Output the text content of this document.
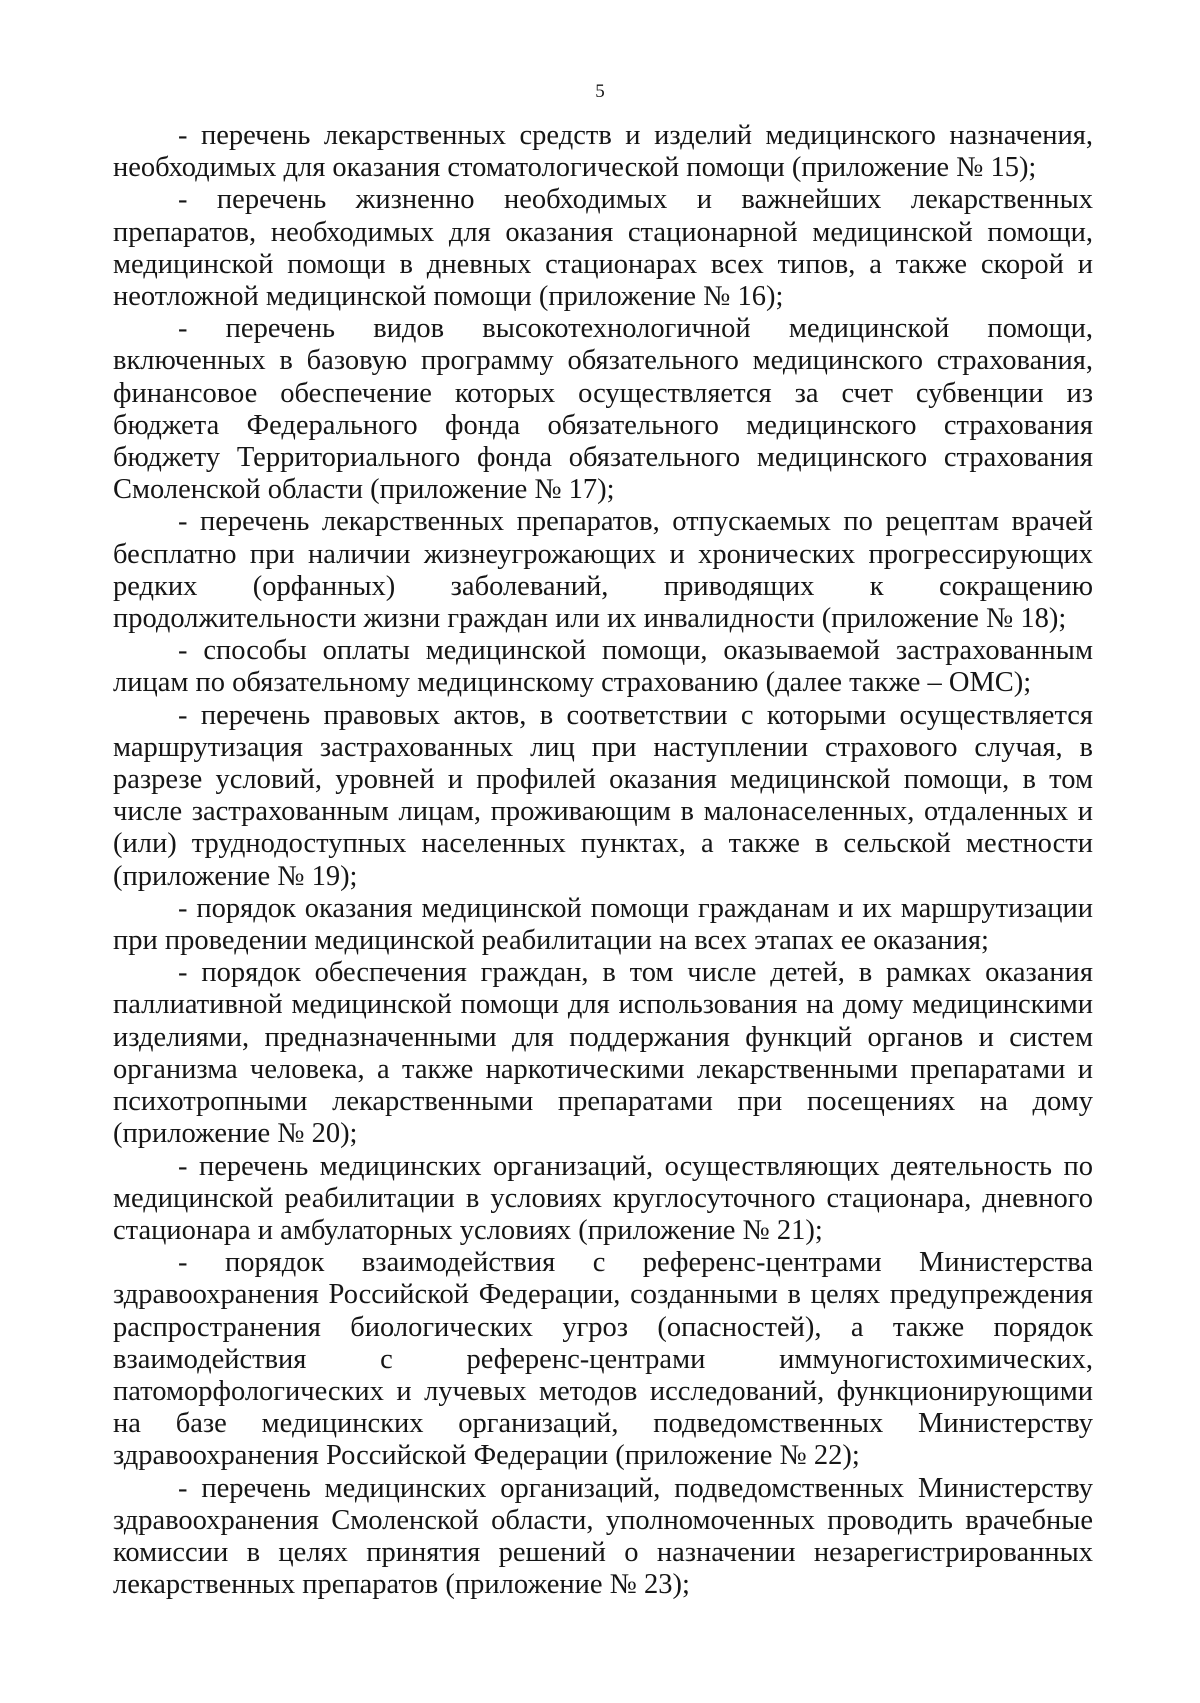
5

- перечень лекарственных средств и изделий медицинского назначения, необходимых для оказания стоматологической помощи (приложение № 15);

- перечень жизненно необходимых и важнейших лекарственных препаратов, необходимых для оказания стационарной медицинской помощи, медицинской помощи в дневных стационарах всех типов, а также скорой и неотложной медицинской помощи (приложение № 16);

- перечень видов высокотехнологичной медицинской помощи, включенных в базовую программу обязательного медицинского страхования, финансовое обеспечение которых осуществляется за счет субвенции из бюджета Федерального фонда обязательного медицинского страхования бюджету Территориального фонда обязательного медицинского страхования Смоленской области (приложение № 17);

- перечень лекарственных препаратов, отпускаемых по рецептам врачей бесплатно при наличии жизнеугрожающих и хронических прогрессирующих редких (орфанных) заболеваний, приводящих к сокращению продолжительности жизни граждан или их инвалидности (приложение № 18);

- способы оплаты медицинской помощи, оказываемой застрахованным лицам по обязательному медицинскому страхованию (далее также – ОМС);

- перечень правовых актов, в соответствии с которыми осуществляется маршрутизация застрахованных лиц при наступлении страхового случая, в разрезе условий, уровней и профилей оказания медицинской помощи, в том числе застрахованным лицам, проживающим в малонаселенных, отдаленных и (или) труднодоступных населенных пунктах, а также в сельской местности (приложение № 19);

- порядок оказания медицинской помощи гражданам и их маршрутизации при проведении медицинской реабилитации на всех этапах ее оказания;

- порядок обеспечения граждан, в том числе детей, в рамках оказания паллиативной медицинской помощи для использования на дому медицинскими изделиями, предназначенными для поддержания функций органов и систем организма человека, а также наркотическими лекарственными препаратами и психотропными лекарственными препаратами при посещениях на дому (приложение № 20);

- перечень медицинских организаций, осуществляющих деятельность по медицинской реабилитации в условиях круглосуточного стационара, дневного стационара и амбулаторных условиях (приложение № 21);

- порядок взаимодействия с референс-центрами Министерства здравоохранения Российской Федерации, созданными в целях предупреждения распространения биологических угроз (опасностей), а также порядок взаимодействия с референс-центрами иммуногистохимических, патоморфологических и лучевых методов исследований, функционирующими на базе медицинских организаций, подведомственных Министерству здравоохранения Российской Федерации (приложение № 22);

- перечень медицинских организаций, подведомственных Министерству здравоохранения Смоленской области, уполномоченных проводить врачебные комиссии в целях принятия решений о назначении незарегистрированных лекарственных препаратов (приложение № 23);
